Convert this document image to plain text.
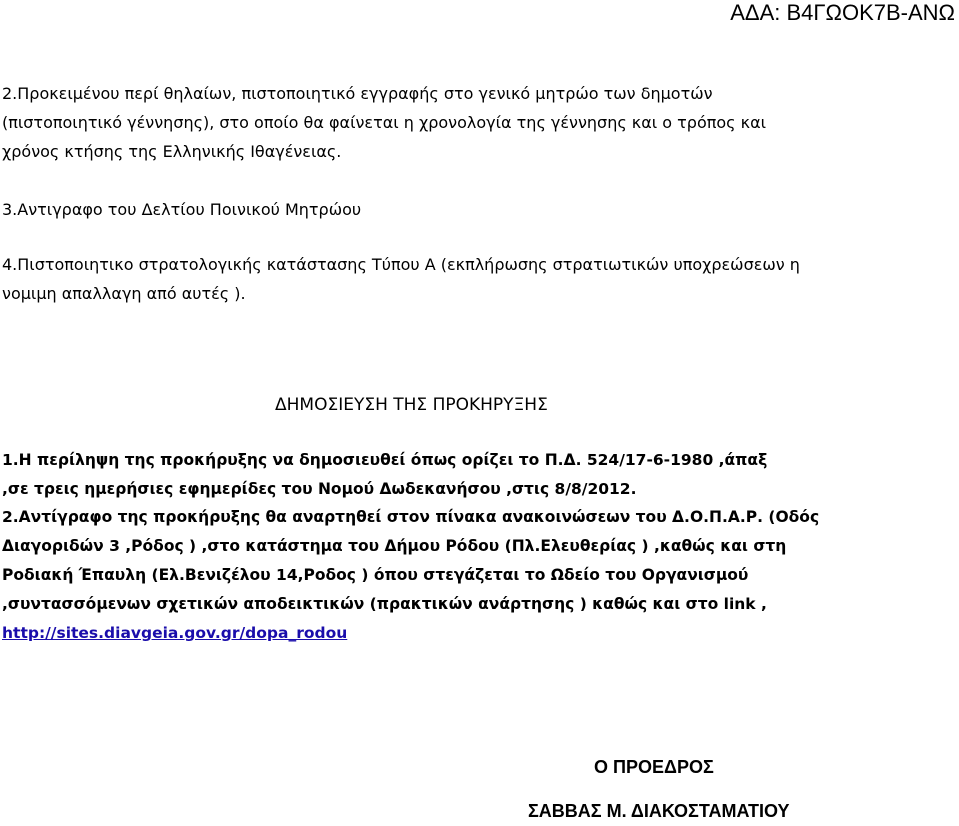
ΑΔΑ: Β4ΓΩΟΚ7Β-ΑΝΩ
2.Προκειμένου περί θηλαίων, πιστοποιητικό εγγραφής στο γενικό μητρώο των δημοτών
(πιστοποιητικό γέννησης), στο οποίο θα φαίνεται η χρονολογία της γέννησης και ο τρόπος και
χρόνος κτήσης της Ελληνικής Ιθαγένειας.
3.Αντιγραφο του Δελτίου Ποινικού Μητρώου
4.Πιστοποιητικο στρατολογικής κατάστασης Τύπου Α (εκπλήρωσης στρατιωτικών υποχρεώσεων η
νομιμη απαλλαγη από αυτές ).
ΔΗΜΟΣΙΕΥΣΗ ΤΗΣ ΠΡΟΚΗΡΥΞΗΣ
1.Η περίληψη της προκήρυξης να δημοσιευθεί όπως ορίζει το Π.Δ. 524/17-6-1980 ,άπαξ
,σε τρεις ημερήσιες εφημερίδες του Νομού Δωδεκανήσου ,στις 8/8/2012.
2.Αντίγραφο της προκήρυξης θα αναρτηθεί στον πίνακα ανακοινώσεων του Δ.Ο.Π.Α.Ρ. (Οδός
Διαγοριδών 3 ,Ρόδος ) ,στο κατάστημα του Δήμου Ρόδου (Πλ.Ελευθερίας ) ,καθώς και στη
Ροδιακή Έπαυλη (Ελ.Βενιζέλου 14,Ροδος ) όπου στεγάζεται το Ωδείο του Οργανισμού
,συντασσόμενων σχετικών αποδεικτικών (πρακτικών ανάρτησης ) καθώς και στο link ,
http://sites.diavgeia.gov.gr/dopa_rodou
Ο ΠΡΟΕΔΡΟΣ
ΣΑΒΒΑΣ Μ. ΔΙΑΚΟΣΤΑΜΑΤΙΟΥ
